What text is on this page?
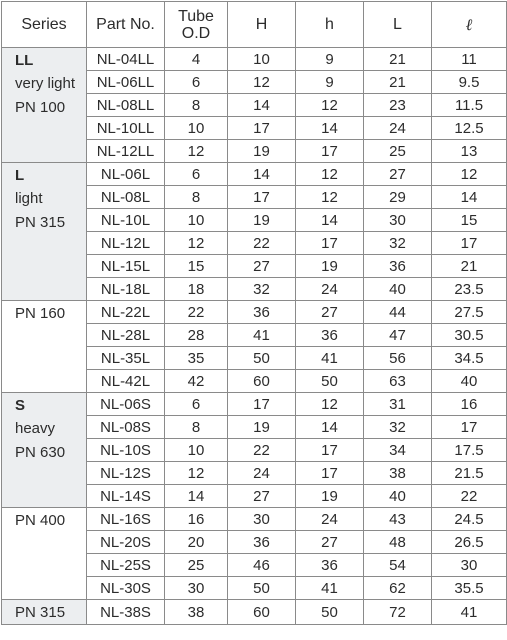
Series	Part No.	Tube
O.D	H	h	L	ℓ

LL
very light
PN 100	NL-04LL	4	10	9	21	11
	NL-06LL	6	12	9	21	9.5
	NL-08LL	8	14	12	23	11.5
	NL-10LL	10	17	14	24	12.5
	NL-12LL	12	19	17	25	13

L
light
PN 315	NL-06L	6	14	12	27	12
	NL-08L	8	17	12	29	14
	NL-10L	10	19	14	30	15
	NL-12L	12	22	17	32	17
	NL-15L	15	27	19	36	21
	NL-18L	18	32	24	40	23.5

PN 160	NL-22L	22	36	27	44	27.5
	NL-28L	28	41	36	47	30.5
	NL-35L	35	50	41	56	34.5
	NL-42L	42	60	50	63	40

S
heavy
PN 630	NL-06S	6	17	12	31	16
	NL-08S	8	19	14	32	17
	NL-10S	10	22	17	34	17.5
	NL-12S	12	24	17	38	21.5
	NL-14S	14	27	19	40	22

PN 400	NL-16S	16	30	24	43	24.5
	NL-20S	20	36	27	48	26.5
	NL-25S	25	46	36	54	30
	NL-30S	30	50	41	62	35.5

PN 315	NL-38S	38	60	50	72	41
